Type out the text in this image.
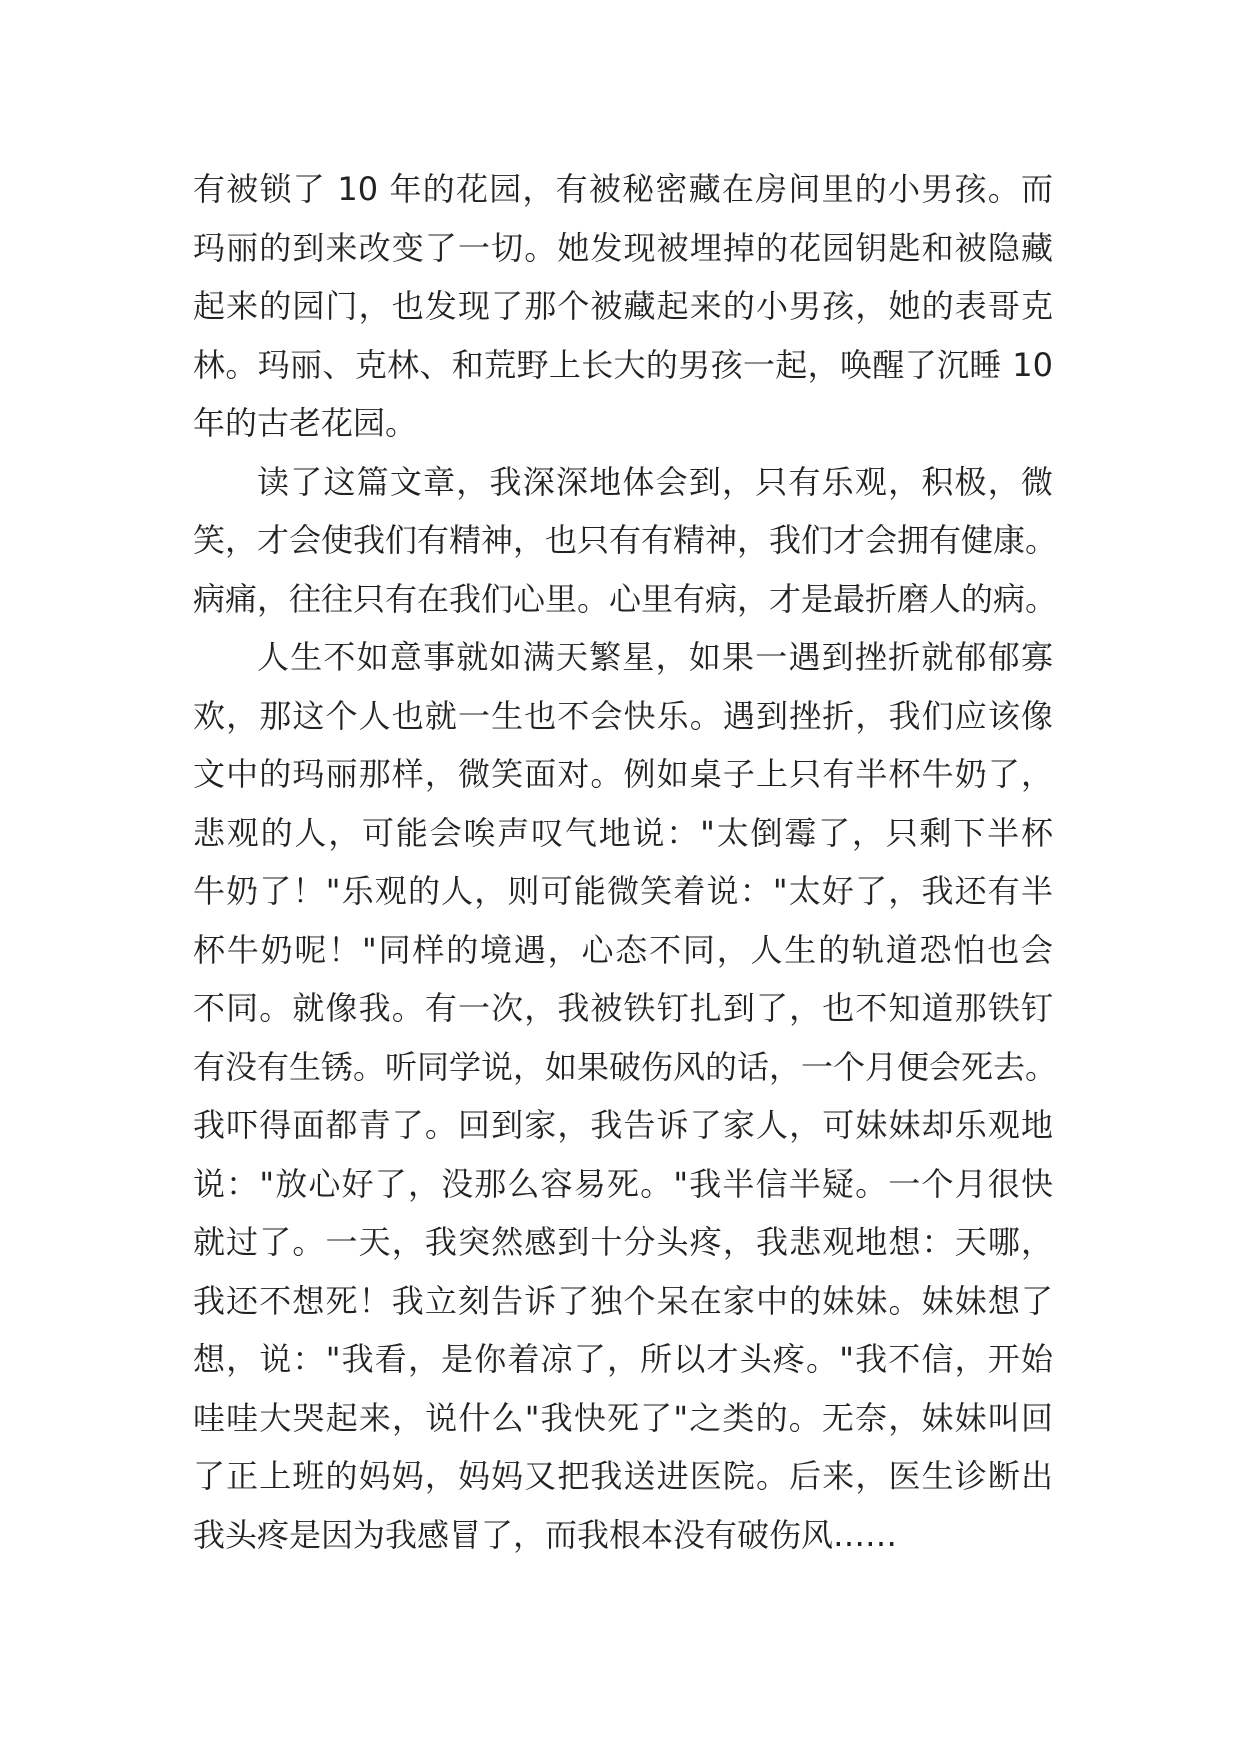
有被锁了 10 年的花园，有被秘密藏在房间里的小男孩。而
玛丽的到来改变了一切。她发现被埋掉的花园钥匙和被隐藏
起来的园门，也发现了那个被藏起来的小男孩，她的表哥克
林。玛丽、克林、和荒野上长大的男孩一起，唤醒了沉睡 10
年的古老花园。
读了这篇文章，我深深地体会到，只有乐观，积极，微
笑，才会使我们有精神，也只有有精神，我们才会拥有健康。
病痛，往往只有在我们心里。心里有病，才是最折磨人的病。
人生不如意事就如满天繁星，如果一遇到挫折就郁郁寡
欢，那这个人也就一生也不会快乐。遇到挫折，我们应该像
文中的玛丽那样，微笑面对。例如桌子上只有半杯牛奶了，
悲观的人，可能会唉声叹气地说："太倒霉了，只剩下半杯
牛奶了！"乐观的人，则可能微笑着说："太好了，我还有半
杯牛奶呢！"同样的境遇，心态不同，人生的轨道恐怕也会
不同。就像我。有一次，我被铁钉扎到了，也不知道那铁钉
有没有生锈。听同学说，如果破伤风的话，一个月便会死去。
我吓得面都青了。回到家，我告诉了家人，可妹妹却乐观地
说："放心好了，没那么容易死。"我半信半疑。一个月很快
就过了。一天，我突然感到十分头疼，我悲观地想：天哪，
我还不想死！我立刻告诉了独个呆在家中的妹妹。妹妹想了
想，说："我看，是你着凉了，所以才头疼。"我不信，开始
哇哇大哭起来，说什么"我快死了"之类的。无奈，妹妹叫回
了正上班的妈妈，妈妈又把我送进医院。后来，医生诊断出
我头疼是因为我感冒了，而我根本没有破伤风……
